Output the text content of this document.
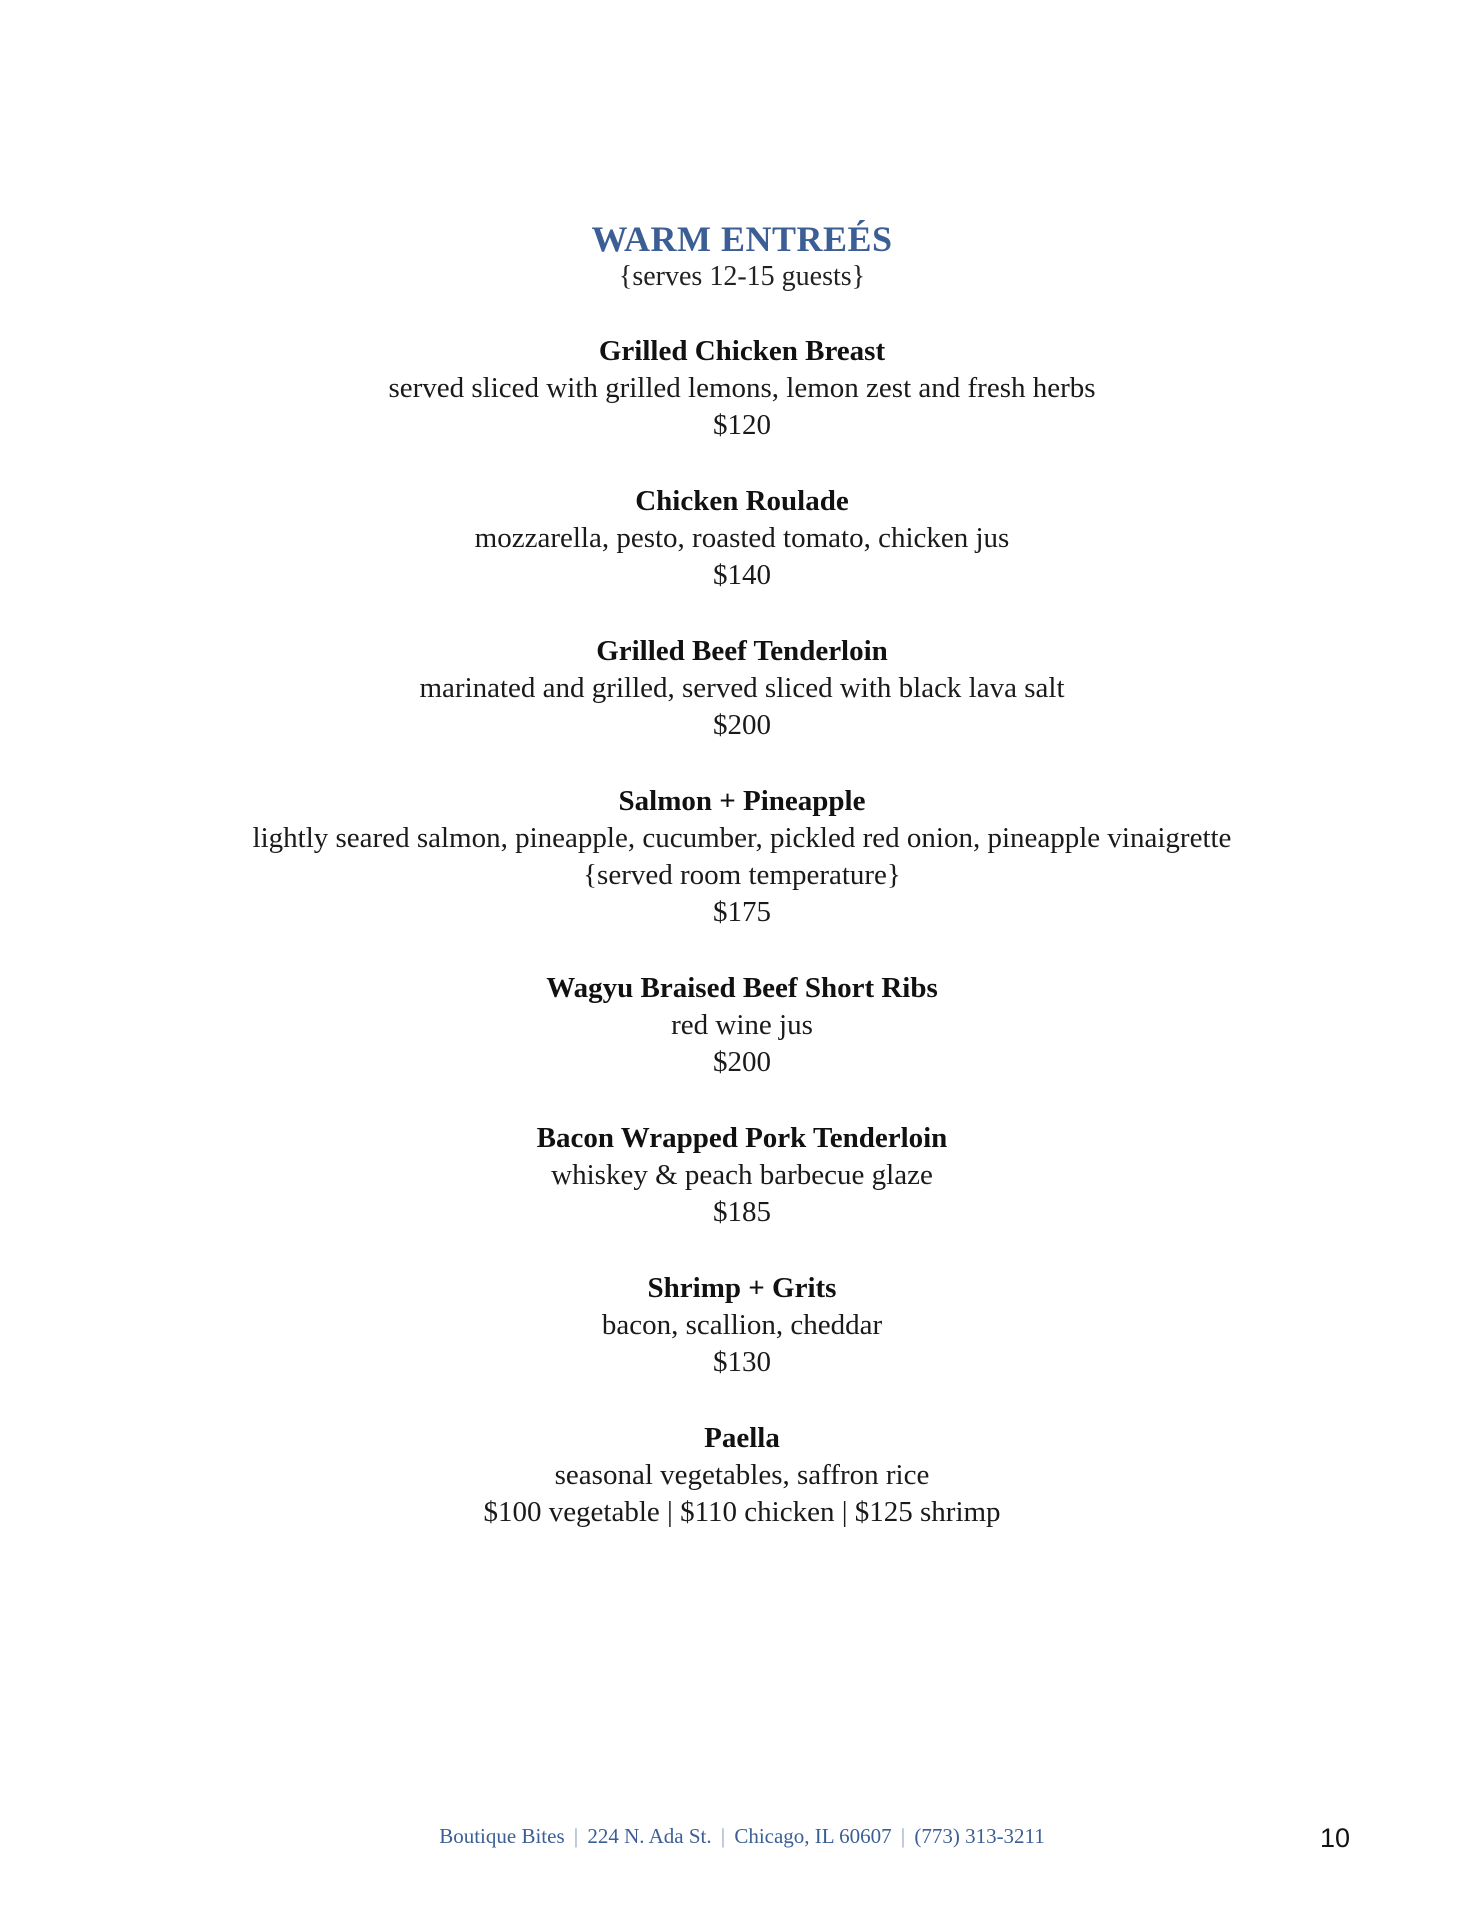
WARM ENTREÉS
{serves 12-15 guests}
Grilled Chicken Breast
served sliced with grilled lemons, lemon zest and fresh herbs
$120
Chicken Roulade
mozzarella, pesto, roasted tomato, chicken jus
$140
Grilled Beef Tenderloin
marinated and grilled, served sliced with black lava salt
$200
Salmon + Pineapple
lightly seared salmon, pineapple, cucumber, pickled red onion, pineapple vinaigrette
{served room temperature}
$175
Wagyu Braised Beef Short Ribs
red wine jus
$200
Bacon Wrapped Pork Tenderloin
whiskey & peach barbecue glaze
$185
Shrimp + Grits
bacon, scallion, cheddar
$130
Paella
seasonal vegetables, saffron rice
$100 vegetable | $110 chicken | $125 shrimp
Boutique Bites | 224 N. Ada St. | Chicago, IL 60607 | (773) 313-3211	10
